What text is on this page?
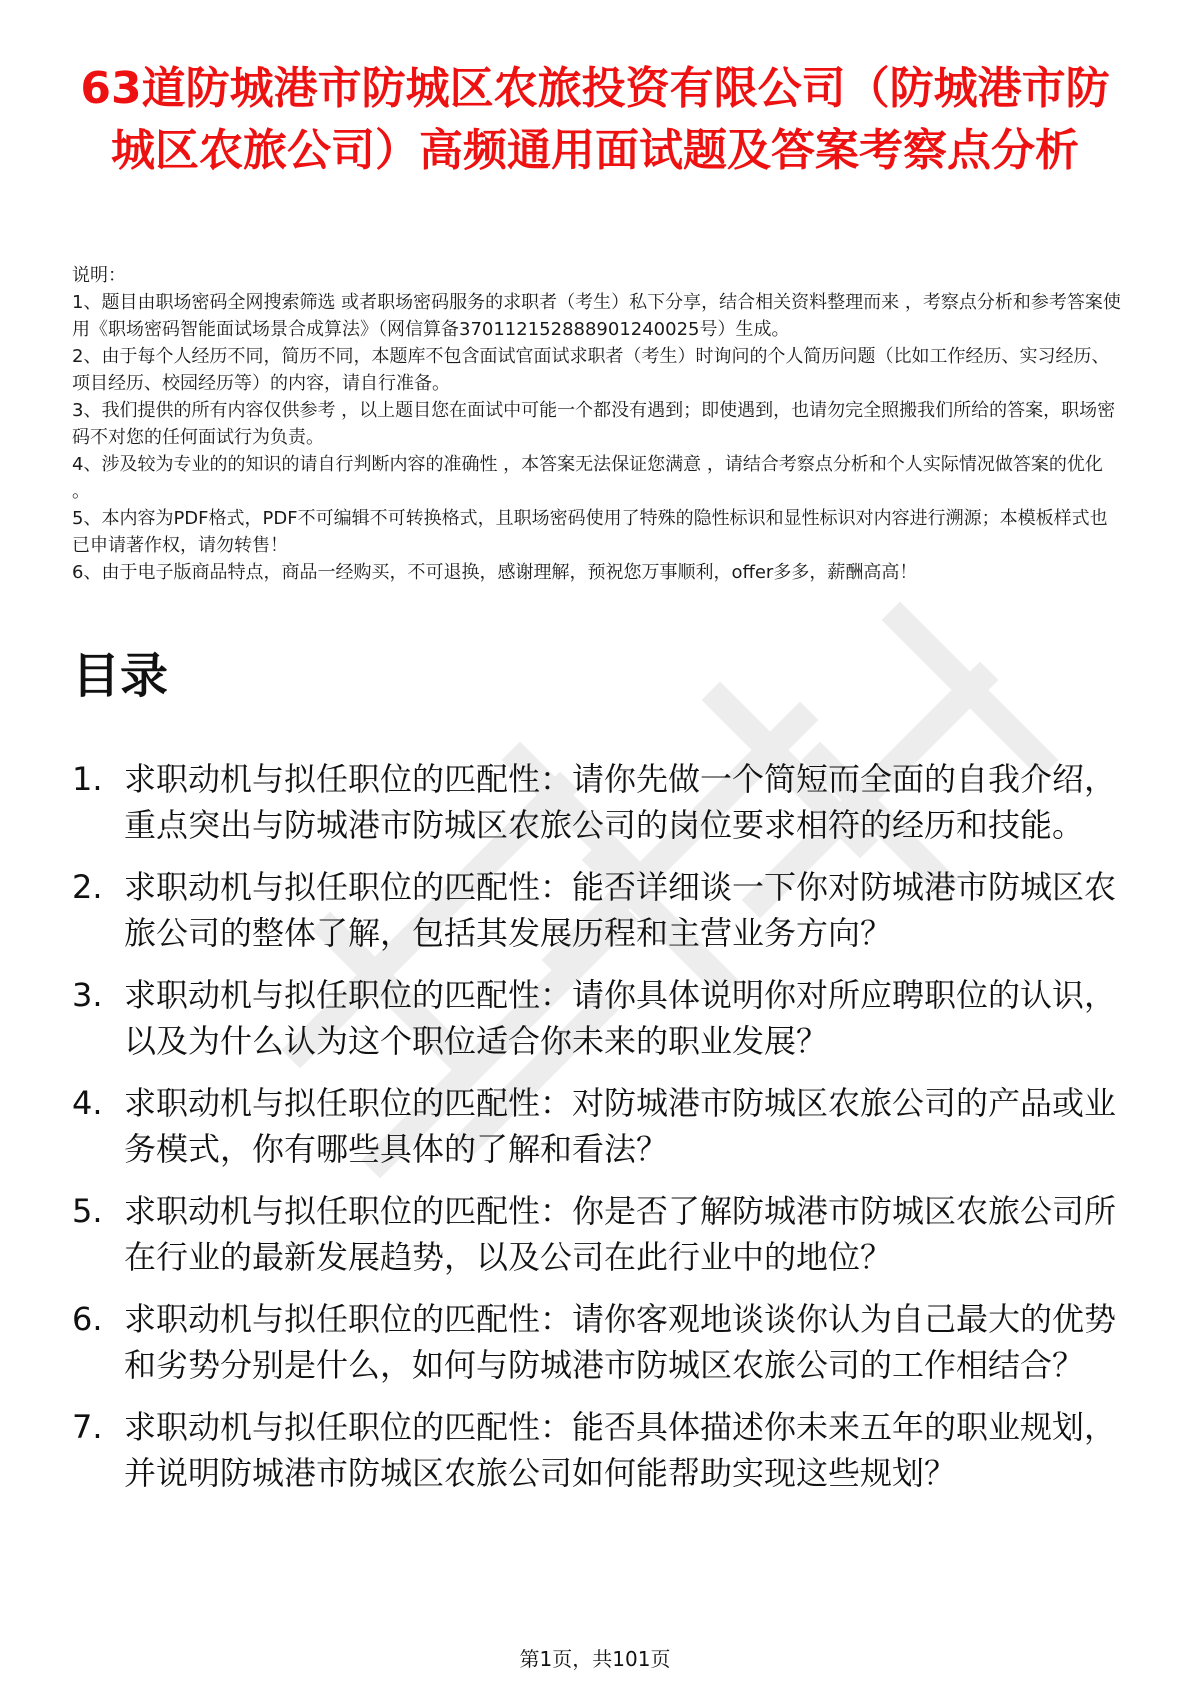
63道防城港市防城区农旅投资有限公司（防城港市防城区农旅公司）高频通用面试题及答案考察点分析

说明：

1、题目由职场密码全网搜索筛选 或者职场密码服务的求职者（考生）私下分享，结合相关资料整理而来 ，考察点分析和参考答案使用《职场密码智能面试场景合成算法》（网信算备370112152888901240025号）生成。

2、由于每个人经历不同，简历不同，本题库不包含面试官面试求职者（考生）时询问的个人简历问题（比如工作经历、实习经历、项目经历、校园经历等）的内容，请自行准备。

3、我们提供的所有内容仅供参考 ，以上题目您在面试中可能一个都没有遇到；即使遇到，也请勿完全照搬我们所给的答案，职场密码不对您的任何面试行为负责。

4、涉及较为专业的的知识的请自行判断内容的准确性 ，本答案无法保证您满意 ，请结合考察点分析和个人实际情况做答案的优化 。

5、本内容为PDF格式，PDF不可编辑不可转换格式，且职场密码使用了特殊的隐性标识和显性标识对内容进行溯源；本模板样式也已申请著作权，请勿转售！

6、由于电子版商品特点，商品一经购买，不可退换，感谢理解，预祝您万事顺利，offer多多，薪酬高高！

目录
1. 求职动机与拟任职位的匹配性：请你先做一个简短而全面的自我介绍，重点突出与防城港市防城区农旅公司的岗位要求相符的经历和技能。
2. 求职动机与拟任职位的匹配性：能否详细谈一下你对防城港市防城区农旅公司的整体了解，包括其发展历程和主营业务方向？
3. 求职动机与拟任职位的匹配性：请你具体说明你对所应聘职位的认识，以及为什么认为这个职位适合你未来的职业发展？
4. 求职动机与拟任职位的匹配性：对防城港市防城区农旅公司的产品或业务模式，你有哪些具体的了解和看法？
5. 求职动机与拟任职位的匹配性：你是否了解防城港市防城区农旅公司所在行业的最新发展趋势，以及公司在此行业中的地位？
6. 求职动机与拟任职位的匹配性：请你客观地谈谈你认为自己最大的优势和劣势分别是什么，如何与防城港市防城区农旅公司的工作相结合？
7. 求职动机与拟任职位的匹配性：能否具体描述你未来五年的职业规划，并说明防城港市防城区农旅公司如何能帮助实现这些规划？
第1页，共101页
